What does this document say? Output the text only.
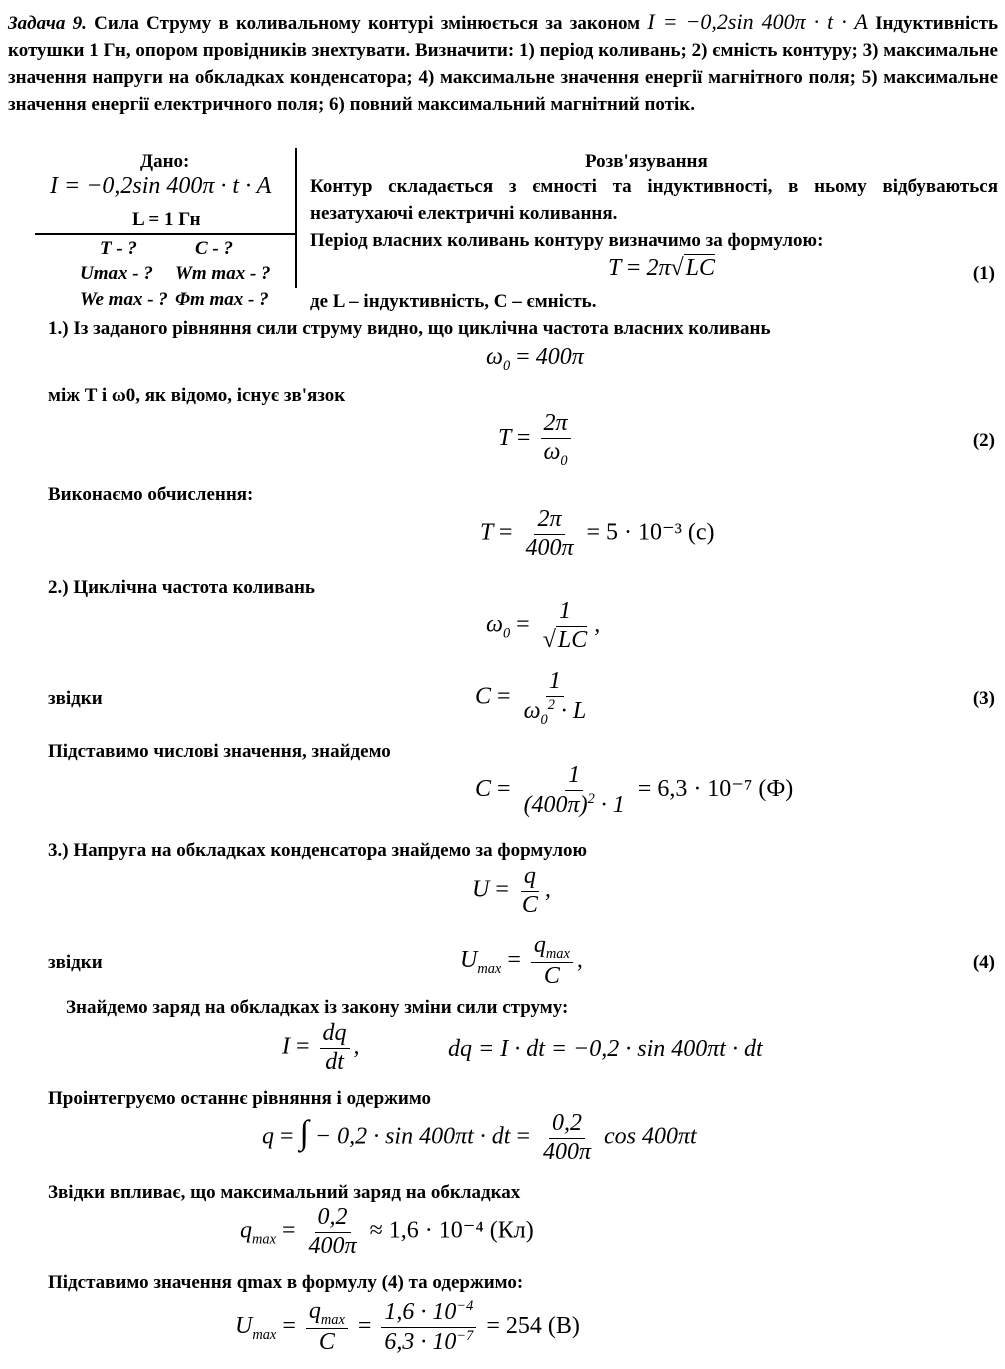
Задача 9. Сила Струму в коливальному контурі змінюється за законом I = −0,2sin 400π · t · A Індуктивність котушки 1 Гн, опором провідників знехтувати. Визначити: 1) період коливань; 2) ємність контуру; 3) максимальне значення напруги на обкладках конденсатора; 4) максимальне значення енергії магнітного поля; 5) максимальне значення енергії електричного поля; 6) повний максимальний магнітний потік.
Дано:
I = −0,2sin 400π · t · A
L = 1 Гн
T - ?	C - ?
Umax - ? Wm max - ?
We max - ? Φm max - ?
Розв'язування
Контур складається з ємності та індуктивності, в ньому відбуваються незатухаючі електричні коливання.
Період власних коливань контуру визначимо за формулою:
T = 2π√LC	(1)
де L – індуктивність, C – ємність.
1.) Із заданого рівняння сили струму видно, що циклічна частота власних коливань
$\omega_0 = 400\pi$
між T і ω0, як відомо, існує зв'язок
$T = \frac{2\pi}{\omega_0}$	(2)
Виконаємо обчислення:
$T = \frac{2\pi}{400\pi} = 5 \cdot 10^{-3}$ (c)
2.) Циклічна частота коливань
$\omega_0 = \frac{1}{√LC}$ ,
звідки	$C = \frac{1}{\omega_0^2 \cdot L}$	(3)
Підставимо числові значення, знайдемо
$C = \frac{1}{(400\pi)^2 \cdot 1} = 6,3 \cdot 10^{-7}$ (Ф)
3.) Напруга на обкладках конденсатора знайдемо за формулою
$U = \frac{q}{C}$ ,
звідки	$U_{max} = \frac{q_{max}}{C}$ ,	(4)
Знайдемо заряд на обкладках із закону зміни сили струму:
$I = \frac{dq}{dt}$ ,	dq = I · dt = −0,2 · sin 400πt · dt
Проінтегруємо останнє рівняння і одержимо
q = ∫ − 0,2 · sin 400πt · dt = $\frac{0,2}{400\pi}$ cos 400πt
Звідки впливає, що максимальний заряд на обкладках
$q_{max} = \frac{0,2}{400\pi} \approx 1,6 \cdot 10^{-4}$ (Кл)
Підставимо значення qmax в формулу (4) та одержимо:
$U_{max} = \frac{q_{max}}{C} = \frac{1,6 \cdot 10^{-4}}{6,3 \cdot 10^{-7}} = 254$ (В)
